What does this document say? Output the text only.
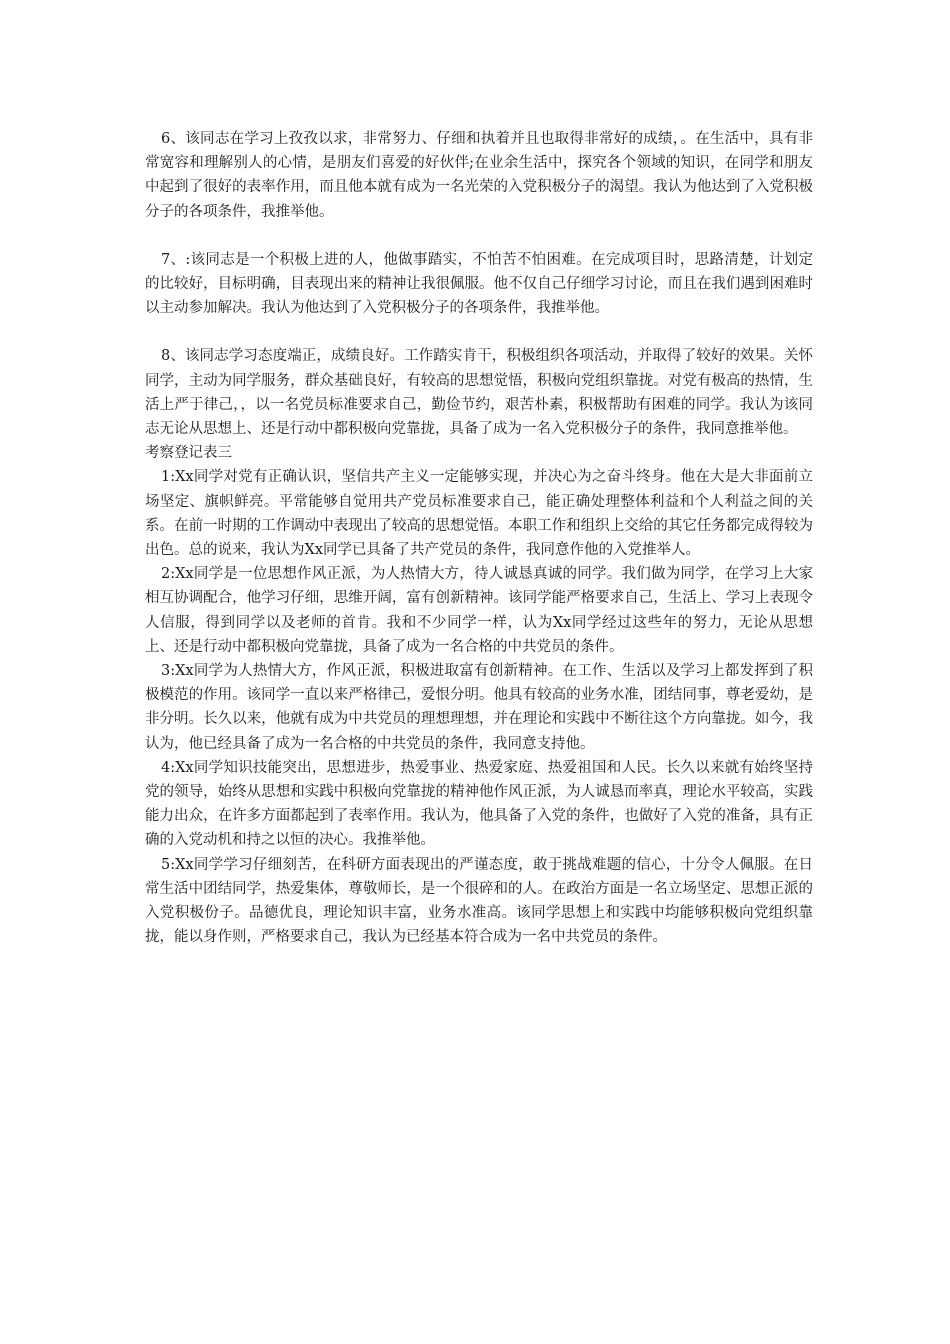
6、该同志在学习上孜孜以求，非常努力、仔细和执着并且也取得非常好的成绩，。在生活中，具有非常宽容和理解别人的心情，是朋友们喜爱的好伙伴;在业余生活中，探究各个领域的知识，在同学和朋友中起到了很好的表率作用，而且他本就有成为一名光荣的入党积极分子的渴望。我认为他达到了入党积极分子的各项条件，我推举他。

7、:该同志是一个积极上进的人，他做事踏实，不怕苦不怕困难。在完成项目时，思路清楚，计划定的比较好，目标明确，目表现出来的精神让我很佩服。他不仅自己仔细学习讨论，而且在我们遇到困难时以主动参加解决。我认为他达到了入党积极分子的各项条件，我推举他。

8、该同志学习态度端正，成绩良好。工作踏实肯干，积极组织各项活动，并取得了较好的效果。关怀同学，主动为同学服务，群众基础良好，有较高的思想觉悟，积极向党组织靠拢。对党有极高的热情，生活上严于律己，，以一名党员标准要求自己，勤俭节约，艰苦朴素，积极帮助有困难的同学。我认为该同志无论从思想上、还是行动中都积极向党靠拢，具备了成为一名入党积极分子的条件，我同意推举他。

考察登记表三

1:Xx同学对党有正确认识，坚信共产主义一定能够实现，并决心为之奋斗终身。他在大是大非面前立场坚定、旗帜鲜亮。平常能够自觉用共产党员标准要求自己，能正确处理整体利益和个人利益之间的关系。在前一时期的工作调动中表现出了较高的思想觉悟。本职工作和组织上交给的其它任务都完成得较为出色。总的说来，我认为Xx同学已具备了共产党员的条件，我同意作他的入党推举人。

2:Xx同学是一位思想作风正派，为人热情大方，待人诚恳真诚的同学。我们做为同学，在学习上大家相互协调配合，他学习仔细，思维开阔，富有创新精神。该同学能严格要求自己，生活上、学习上表现令人信服，得到同学以及老师的首肯。我和不少同学一样，认为Xx同学经过这些年的努力，无论从思想上、还是行动中都积极向党靠拢，具备了成为一名合格的中共党员的条件。

3:Xx同学为人热情大方，作风正派，积极进取富有创新精神。在工作、生活以及学习上都发挥到了积极模范的作用。该同学一直以来严格律己，爱恨分明。他具有较高的业务水准，团结同事，尊老爱幼，是非分明。长久以来，他就有成为中共党员的理想理想，并在理论和实践中不断往这个方向靠拢。如今，我认为，他已经具备了成为一名合格的中共党员的条件，我同意支持他。

4:Xx同学知识技能突出，思想进步，热爱事业、热爱家庭、热爱祖国和人民。长久以来就有始终坚持党的领导，始终从思想和实践中积极向党靠拢的精神他作风正派，为人诚恳而率真，理论水平较高，实践能力出众，在许多方面都起到了表率作用。我认为，他具备了入党的条件，也做好了入党的准备，具有正确的入党动机和持之以恒的决心。我推举他。

5:Xx同学学习仔细刻苦，在科研方面表现出的严谨态度，敢于挑战难题的信心，十分令人佩服。在日常生活中团结同学，热爱集体，尊敬师长，是一个很碎和的人。在政治方面是一名立场坚定、思想正派的入党积极份子。品德优良，理论知识丰富，业务水准高。该同学思想上和实践中均能够积极向党组织靠拢，能以身作则，严格要求自己，我认为已经基本符合成为一名中共党员的条件。
